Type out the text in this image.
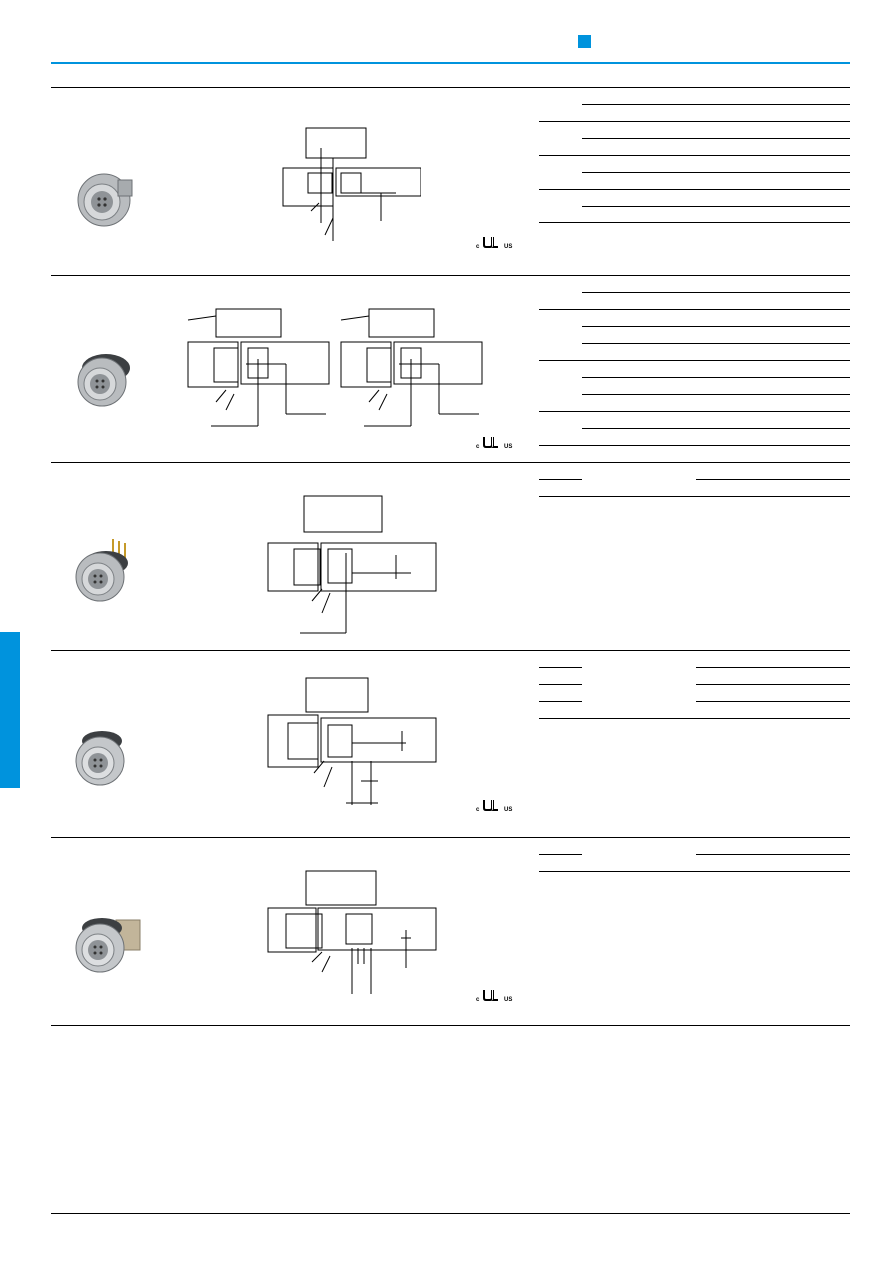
c	US
c	US
c	US
c	US
